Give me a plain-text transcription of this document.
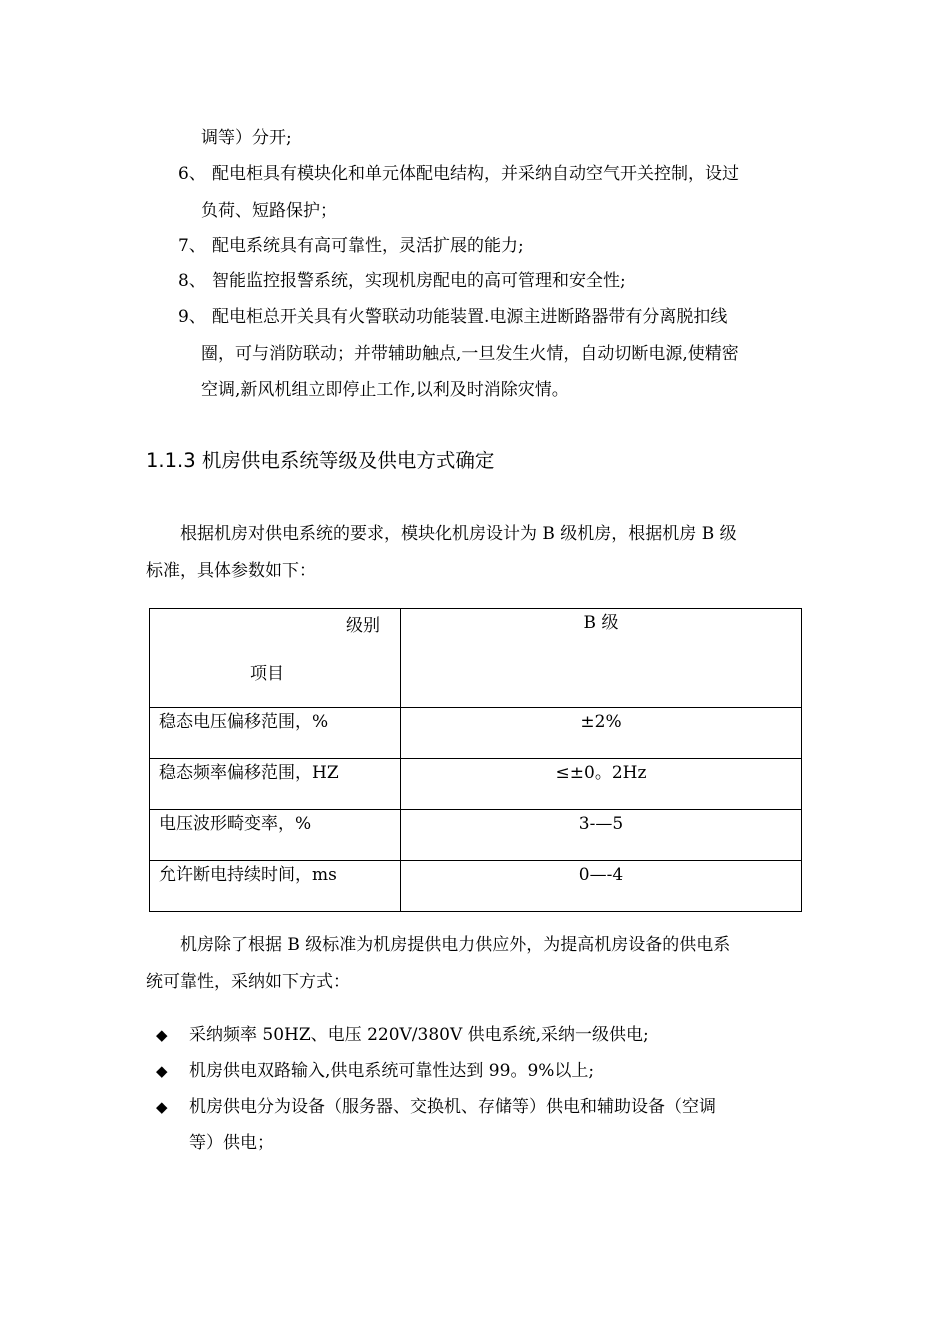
调等）分开;
6、 配电柜具有模块化和单元体配电结构，并采纳自动空气开关控制，设过
负荷、短路保护；
7、 配电系统具有高可靠性，灵活扩展的能力;
8、 智能监控报警系统，实现机房配电的高可管理和安全性;
9、 配电柜总开关具有火警联动功能装置.电源主进断路器带有分离脱扣线
圈，可与消防联动；并带辅助触点,一旦发生火情，自动切断电源,使精密
空调,新风机组立即停止工作,以利及时消除灾情。
1.1.3 机房供电系统等级及供电方式确定
根据机房对供电系统的要求，模块化机房设计为 B 级机房，根据机房 B 级
标准，具体参数如下：
级别
项目	B 级

稳态电压偏移范围，%	±2%

稳态频率偏移范围，HZ	≤±0。2Hz

电压波形畸变率，%	3-—5

允许断电持续时间，ms	0—-4
机房除了根据 B 级标准为机房提供电力供应外，为提高机房设备的供电系
统可靠性，采纳如下方式：
◆ 采纳频率 50HZ、电压 220V/380V 供电系统,采纳一级供电;
◆ 机房供电双路输入,供电系统可靠性达到 99。9%以上;
◆ 机房供电分为设备（服务器、交换机、存储等）供电和辅助设备（空调
等）供电；
